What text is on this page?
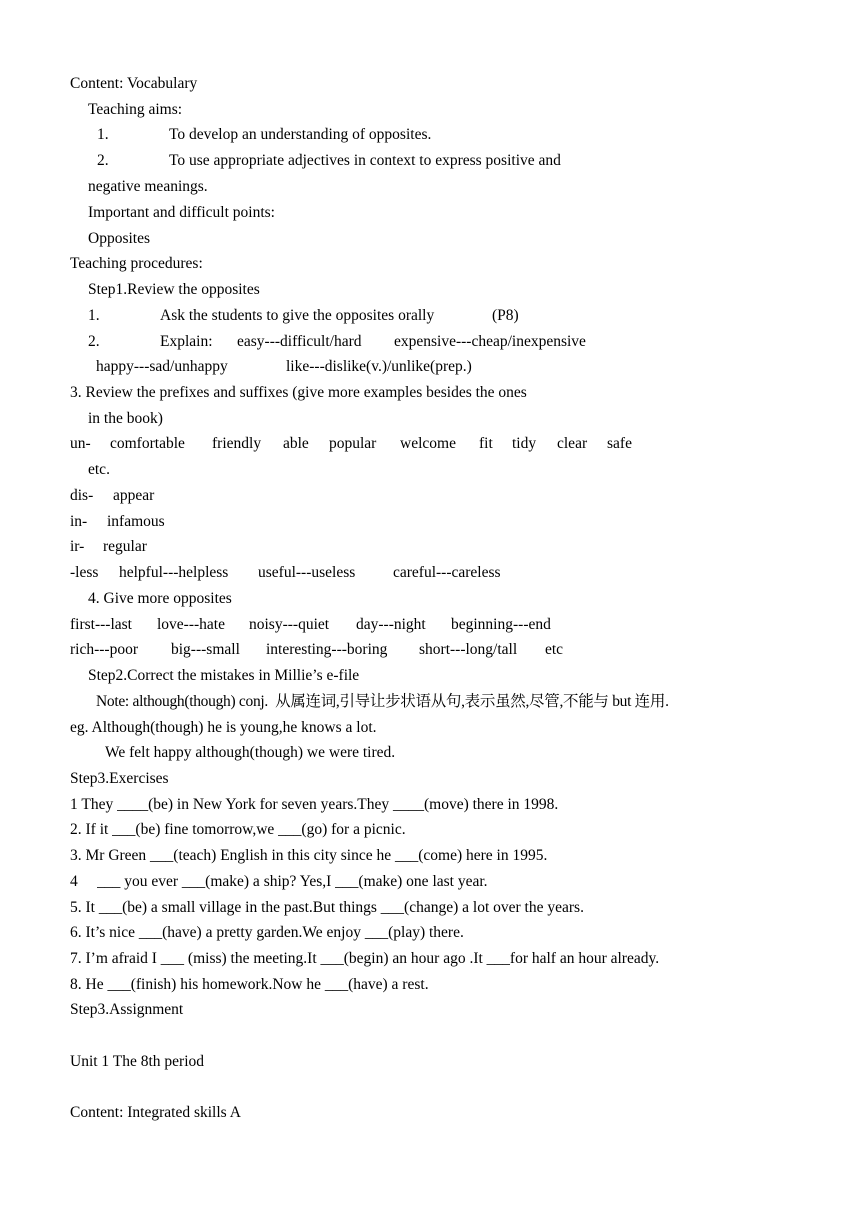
Content: Vocabulary
Teaching aims:
1.	To develop an understanding of opposites.
2.	To use appropriate adjectives in context to express positive and
negative meanings.
Important and difficult points:
Opposites
Teaching procedures:
Step1.Review the opposites
1.	Ask the students to give the opposites orally	(P8)
2.	Explain: easy---difficult/hard expensive---cheap/inexpensive
happy---sad/unhappy	like---dislike(v.)/unlike(prep.)
3. Review the prefixes and suffixes (give more examples besides the ones
in the book)
un- comfortable friendly able popular welcome fit tidy clear safe
etc.
dis- appear
in- infamous
ir- regular
-less helpful---helpless useful---useless careful---careless
4. Give more opposites
first---last love---hate noisy---quiet day---night beginning---end
rich---poor big---small interesting---boring short---long/tall etc
Step2.Correct the mistakes in Millie’s e-file
Note: although(though) conj.  从属连词,引导让步状语从句,表示虽然,尽管,不能与 but 连用.
eg. Although(though) he is young,he knows a lot.
We felt happy although(though) we were tired.
Step3.Exercises
1 They ____(be) in New York for seven years.They ____(move) there in 1998.
2. If it ___(be) fine tomorrow,we ___(go) for a picnic.
3. Mr Green ___(teach) English in this city since he ___(come) here in 1995.
4     ___ you ever ___(make) a ship? Yes,I ___(make) one last year.
5. It ___(be) a small village in the past.But things ___(change) a lot over the years.
6. It’s nice ___(have) a pretty garden.We enjoy ___(play) there.
7. I’m afraid I ___ (miss) the meeting.It ___(begin) an hour ago .It ___for half an hour already.
8. He ___(finish) his homework.Now he ___(have) a rest.
Step3.Assignment
Unit 1 The 8th period
Content: Integrated skills A
